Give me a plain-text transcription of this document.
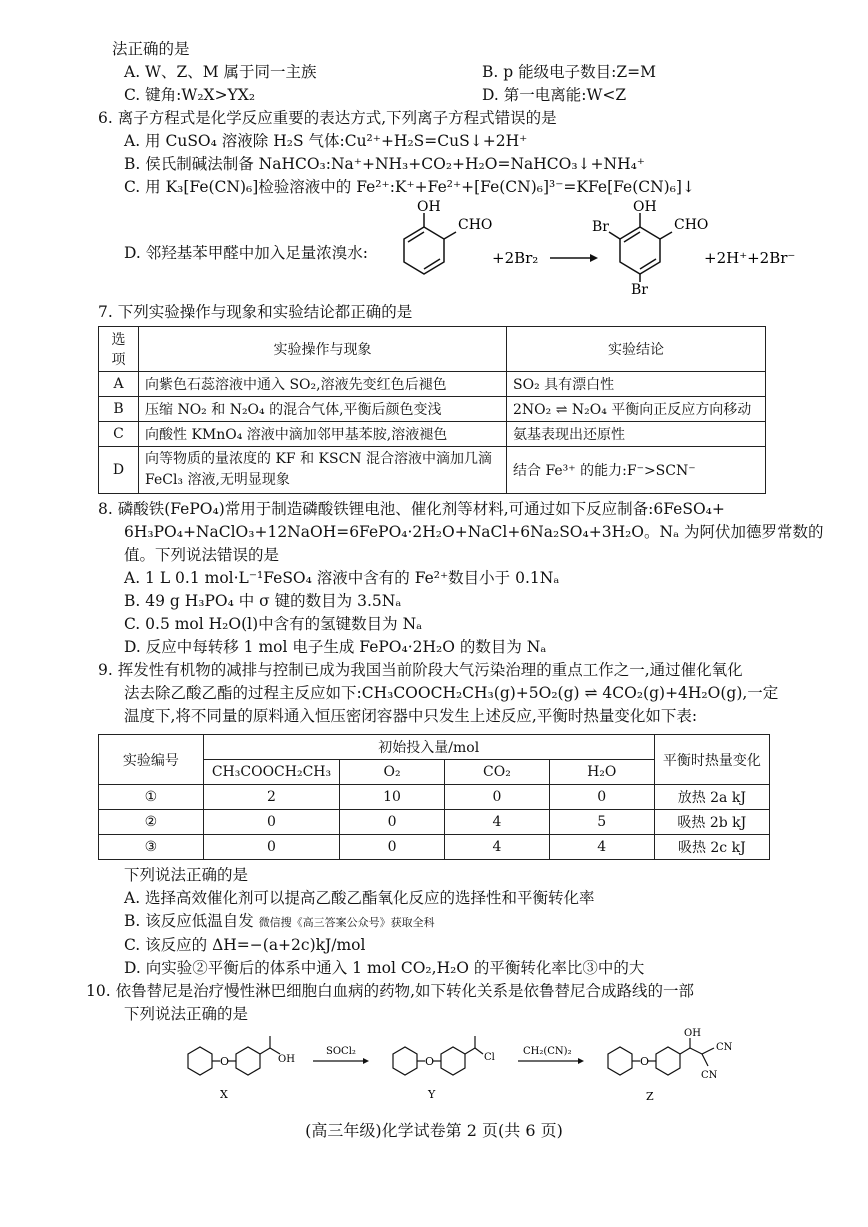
法正确的是
A. W、Z、M 属于同一主族	B. p 能级电子数目:Z=M
C. 键角:W₂X>YX₂	D. 第一电离能:W<Z
6. 离子方程式是化学反应重要的表达方式,下列离子方程式错误的是
A. 用 CuSO₄ 溶液除 H₂S 气体:Cu²⁺+H₂S=CuS↓+2H⁺
B. 侯氏制碱法制备 NaHCO₃:Na⁺+NH₃+CO₂+H₂O=NaHCO₃↓+NH₄⁺
C. 用 K₃[Fe(CN)₆]检验溶液中的 Fe²⁺:K⁺+Fe²⁺+[Fe(CN)₆]³⁻=KFe[Fe(CN)₆]↓
D. 邻羟基苯甲醛中加入足量浓溴水:
OH
CHO
+2Br₂
OH
CHO
Br
Br
+2H⁺+2Br⁻
7. 下列实验操作与现象和实验结论都正确的是
选项	实验操作与现象	实验结论
A	向紫色石蕊溶液中通入 SO₂,溶液先变红色后褪色	SO₂ 具有漂白性
B	压缩 NO₂ 和 N₂O₄ 的混合气体,平衡后颜色变浅	2NO₂ ⇌ N₂O₄ 平衡向正反应方向移动
C	向酸性 KMnO₄ 溶液中滴加邻甲基苯胺,溶液褪色	氨基表现出还原性
D	向等物质的量浓度的 KF 和 KSCN 混合溶液中滴加几滴 FeCl₃ 溶液,无明显现象	结合 Fe³⁺ 的能力:F⁻>SCN⁻
8. 磷酸铁(FePO₄)常用于制造磷酸铁锂电池、催化剂等材料,可通过如下反应制备:6FeSO₄+
6H₃PO₄+NaClO₃+12NaOH=6FePO₄·2H₂O+NaCl+6Na₂SO₄+3H₂O。Nₐ 为阿伏加德罗常数的
值。下列说法错误的是
A. 1 L 0.1 mol·L⁻¹FeSO₄ 溶液中含有的 Fe²⁺数目小于 0.1Nₐ
B. 49 g H₃PO₄ 中 σ 键的数目为 3.5Nₐ
C. 0.5 mol H₂O(l)中含有的氢键数目为 Nₐ
D. 反应中每转移 1 mol 电子生成 FePO₄·2H₂O 的数目为 Nₐ
9. 挥发性有机物的减排与控制已成为我国当前阶段大气污染治理的重点工作之一,通过催化氧化
法去除乙酸乙酯的过程主反应如下:CH₃COOCH₂CH₃(g)+5O₂(g) ⇌ 4CO₂(g)+4H₂O(g),一定
温度下,将不同量的原料通入恒压密闭容器中只发生上述反应,平衡时热量变化如下表:
实验编号	初始投入量/mol				平衡时热量变化
	CH₃COOCH₂CH₃	O₂	CO₂	H₂O	
①	2	10	0	0	放热 2a kJ
②	0	0	4	5	吸热 2b kJ
③	0	0	4	4	吸热 2c kJ
下列说法正确的是
A. 选择高效催化剂可以提高乙酸乙酯氧化反应的选择性和平衡转化率
B. 该反应低温自发 微信搜《高三答案公众号》获取全科
C. 该反应的 ΔH=−(a+2c)kJ/mol
D. 向实验②平衡后的体系中通入 1 mol CO₂,H₂O 的平衡转化率比③中的大
10. 依鲁替尼是治疗慢性淋巴细胞白血病的药物,如下转化关系是依鲁替尼合成路线的一部
下列说法正确的是
O	OH
X
SOCl₂
O	Cl
Y
CH₂(CN)₂
O
OH
CN
CN
Z
(高三年级)化学试卷第 2 页(共 6 页)
